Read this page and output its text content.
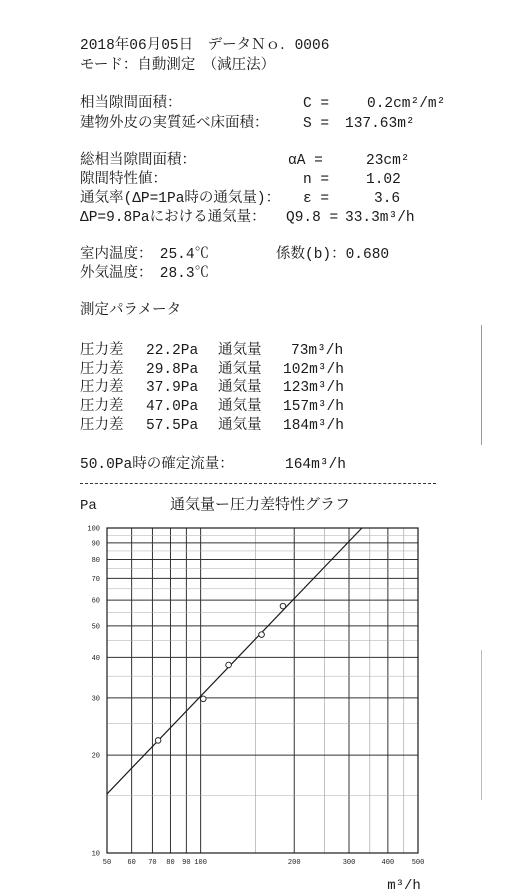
2018年06月05日　データＮｏ．0006
モード：自動測定　（減圧法）
相当隙間面積：	C =	0.2cm²/m²
建物外皮の実質延べ床面積： S = 137.63m²
総相当隙間面積：	αA =	23cm²
隙間特性値：	n =	1.02
通気率(ΔP=1Pa時の通気量)： ε =	3.6
ΔP=9.8Paにおける通気量： Q9.8 = 33.3m³/h
室内温度：　25.4℃	係数(b)：0.680
外気温度：　28.3℃
測定パラメータ
圧力差 22.2Pa 通気量 73m³/h
圧力差 29.8Pa 通気量 102m³/h
圧力差 37.9Pa 通気量 123m³/h
圧力差 47.0Pa 通気量 157m³/h
圧力差 57.5Pa 通気量 184m³/h
50.0Pa時の確定流量：	164m³/h
通気量ー圧力差特性グラフ
Pa
m³/h
10
20
30
40
50
60
70
80
90
100
50 60 70 80 90 100	200	300	400	500
